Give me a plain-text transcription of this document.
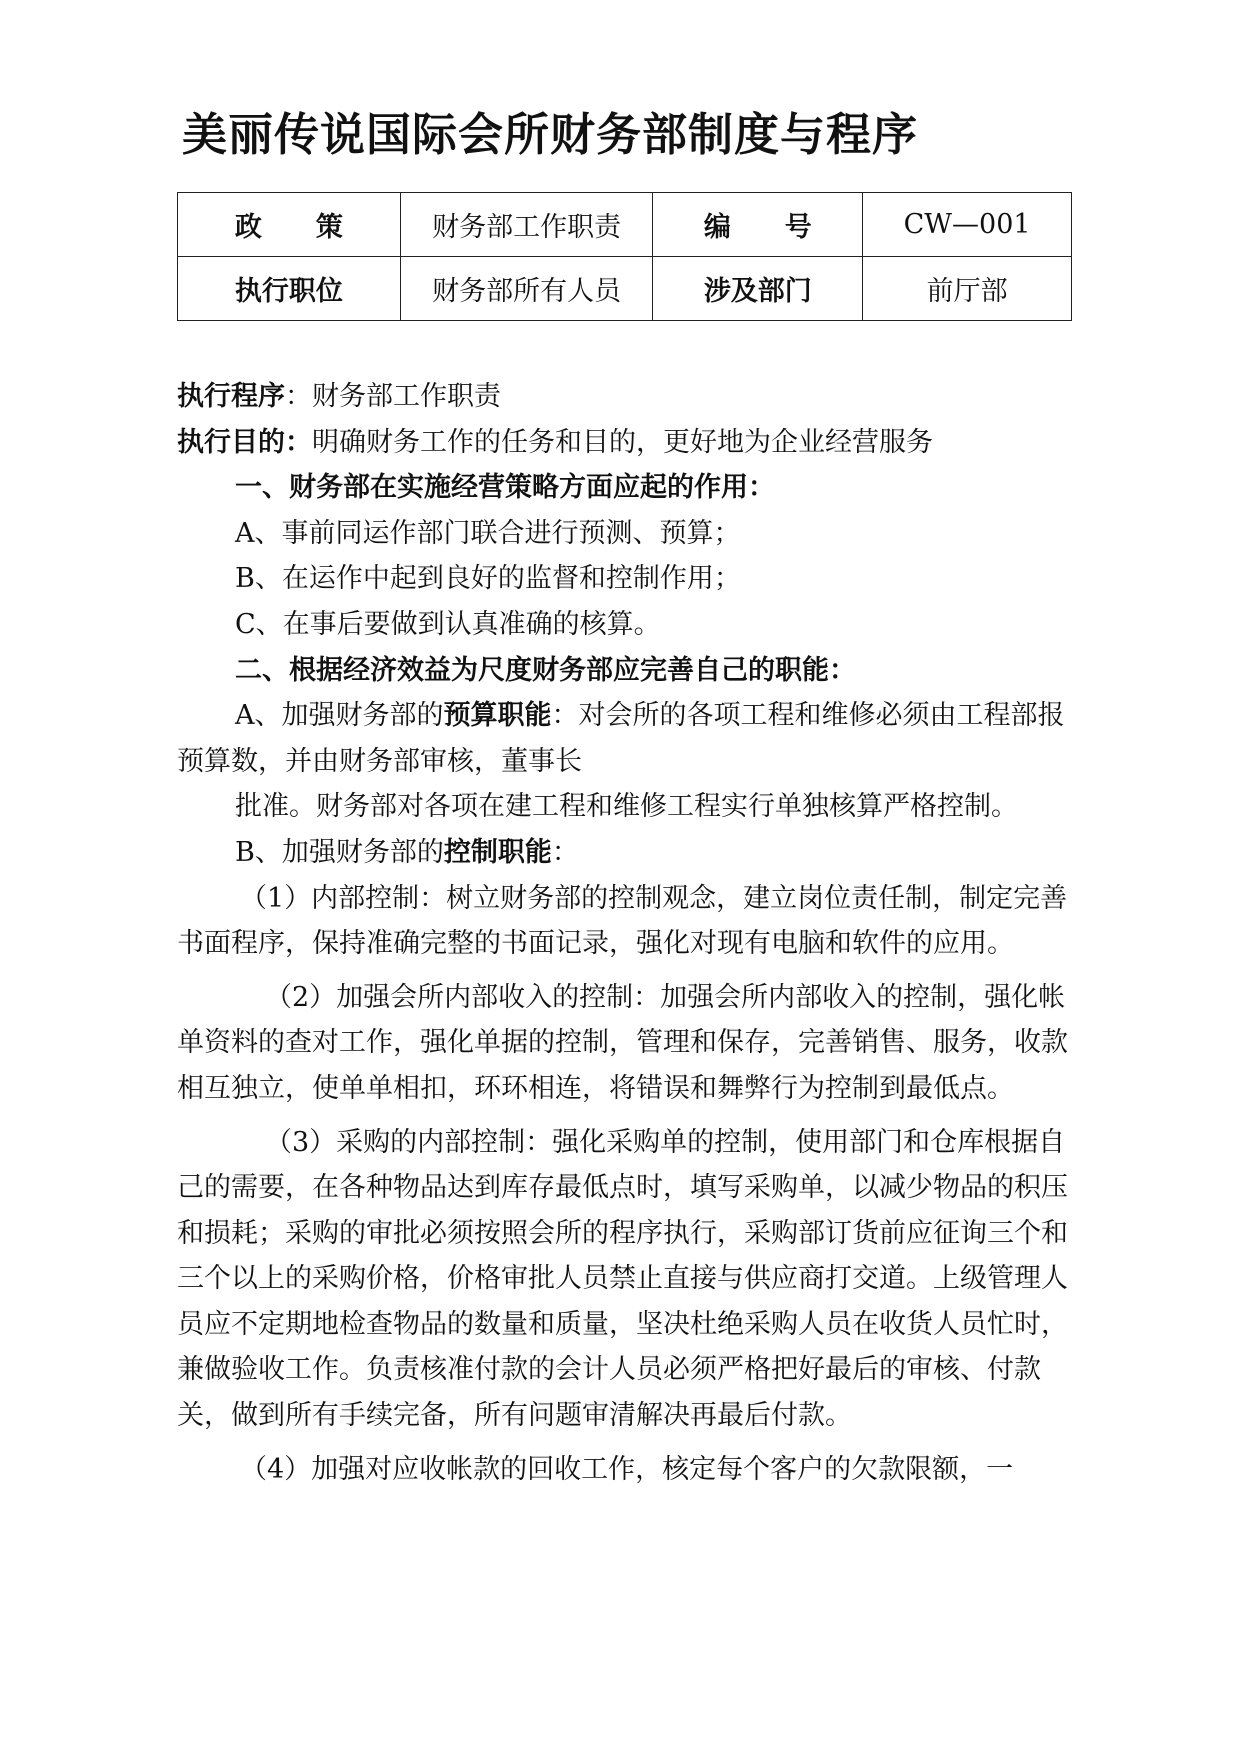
美丽传说国际会所财务部制度与程序
政　　策	财务部工作职责	编　　号	CW—001
执行职位	财务部所有人员	涉及部门	前厅部

执行程序：财务部工作职责

执行目的：明确财务工作的任务和目的，更好地为企业经营服务

一、财务部在实施经营策略方面应起的作用：

A、事前同运作部门联合进行预测、预算；

B、在运作中起到良好的监督和控制作用；

C、在事后要做到认真准确的核算。

二、根据经济效益为尺度财务部应完善自己的职能：

A、加强财务部的预算职能：对会所的各项工程和维修必须由工程部报预算数，并由财务部审核，董事长

批准。财务部对各项在建工程和维修工程实行单独核算严格控制。

B、加强财务部的控制职能：

（1）内部控制：树立财务部的控制观念，建立岗位责任制，制定完善书面程序，保持准确完整的书面记录，强化对现有电脑和软件的应用。

（2）加强会所内部收入的控制：加强会所内部收入的控制，强化帐单资料的查对工作，强化单据的控制，管理和保存，完善销售、服务，收款相互独立，使单单相扣，环环相连，将错误和舞弊行为控制到最低点。

（3）采购的内部控制：强化采购单的控制，使用部门和仓库根据自己的需要，在各种物品达到库存最低点时，填写采购单，以减少物品的积压和损耗；采购的审批必须按照会所的程序执行，采购部订货前应征询三个和三个以上的采购价格，价格审批人员禁止直接与供应商打交道。上级管理人员应不定期地检查物品的数量和质量，坚决杜绝采购人员在收货人员忙时，兼做验收工作。负责核准付款的会计人员必须严格把好最后的审核、付款关，做到所有手续完备，所有问题审清解决再最后付款。

（4）加强对应收帐款的回收工作，核定每个客户的欠款限额，一
